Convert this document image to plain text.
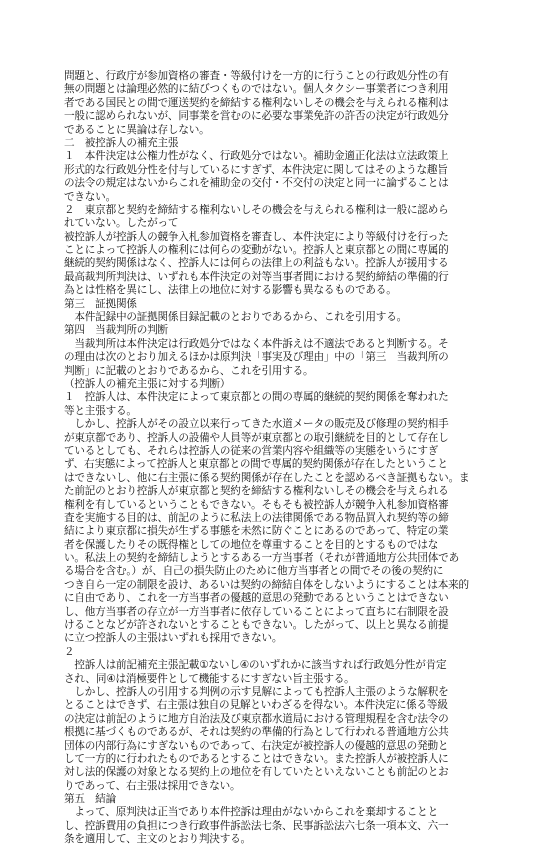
問題と、行政庁が参加資格の審査・等級付けを一方的に行うことの行政処分性の有
無の問題とは論理必然的に結びつくものではない。個人タクシー事業者につき利用
者である国民との間で運送契約を締結する権利ないしその機会を与えられる権利は
一般に認められないが、同事業を営むのに必要な事業免許の許否の決定が行政処分
であることに異論は存しない。
二　被控訴人の補充主張
１　本件決定は公権力性がなく、行政処分ではない。補助金適正化法は立法政策上
形式的な行政処分性を付与しているにすぎず、本件決定に関してはそのような趣旨
の法令の規定はないからこれを補助金の交付・不交付の決定と同一に論ずることは
できない。
２　東京都と契約を締結する権利ないしその機会を与えられる権利は一般に認めら
れていない。したがって
被控訴人が控訴人の競争入札参加資格を審査し、本件決定により等級付けを行った
ことによって控訴人の権利には何らの変動がない。控訴人と東京都との間に専属的
継続的契約関係はなく、控訴人には何らの法律上の利益もない。控訴人が援用する
最高裁判所判決は、いずれも本件決定の対等当事者間における契約締結の準備的行
為とは性格を異にし、法律上の地位に対する影響も異なるものである。
第三　証拠関係
　本件記録中の証拠関係目録記載のとおりであるから、これを引用する。
第四　当裁判所の判断
　当裁判所は本件決定は行政処分ではなく本件訴えは不適法であると判断する。そ
の理由は次のとおり加えるほかは原判決「事実及び理由」中の「第三　当裁判所の
判断」に記載のとおりであるから、これを引用する。
（控訴人の補充主張に対する判断）
１　控訴人は、本件決定によって東京都との間の専属的継続的契約関係を奪われた
等と主張する。
　しかし、控訴人がその設立以来行ってきた水道メータの販売及び修理の契約相手
が東京都であり、控訴人の設備や人員等が東京都との取引継続を目的として存在し
ているとしても、それらは控訴人の従来の営業内容や組織等の実態をいうにすぎ
ず、右実態によって控訴人と東京都との間で専属的契約関係が存在したということ
はできないし、他に右主張に係る契約関係が存在したことを認めるべき証拠もない。ま
た前記のとおり控訴人が東京都と契約を締結する権利ないしその機会を与えられる
権利を有しているということもできない。そもそも被控訴人が競争入札参加資格審
査を実施する目的は、前記のように私法上の法律関係である物品買入れ契約等の締
結により東京都に損失が生ずる事態を未然に防ぐことにあるのであって、特定の業
者を保護したりその既得権としての地位を尊重することを目的とするものではな
い。私法上の契約を締結しようとするある一方当事者（それが普通地方公共団体であ
る場合を含む。）が、自己の損失防止のために他方当事者との間でその後の契約に
つき自ら一定の制限を設け、あるいは契約の締結自体をしないようにすることは本来的
に自由であり、これを一方当事者の優越的意思の発動であるということはできない
し、他方当事者の存立が一方当事者に依存していることによって直ちに右制限を設
けることなどが許されないとすることもできない。したがって、以上と異なる前提
に立つ控訴人の主張はいずれも採用できない。
２
　控訴人は前記補充主張記載①ないし④のいずれかに該当すれば行政処分性が肯定
され、同④は消極要件として機能するにすぎない旨主張する。
　しかし、控訴人の引用する判例の示す見解によっても控訴人主張のような解釈を
とることはできず、右主張は独自の見解といわざるを得ない。本件決定に係る等級
の決定は前記のように地方自治法及び東京都水道局における管理規程を含む法令の
根拠に基づくものであるが、それは契約の準備的行為として行われる普通地方公共
団体の内部行為にすぎないものであって、右決定が被控訴人の優越的意思の発動と
して一方的に行われたものであるとすることはできない。また控訴人が被控訴人に
対し法的保護の対象となる契約上の地位を有していたといえないことも前記のとお
りであって、右主張は採用できない。
第五　結論
　よって、原判決は正当であり本件控訴は理由がないからこれを棄却することと
し、控訴費用の負担につき行政事件訴訟法七条、民事訴訟法六七条一項本文、六一
条を適用して、主文のとおり判決する。
